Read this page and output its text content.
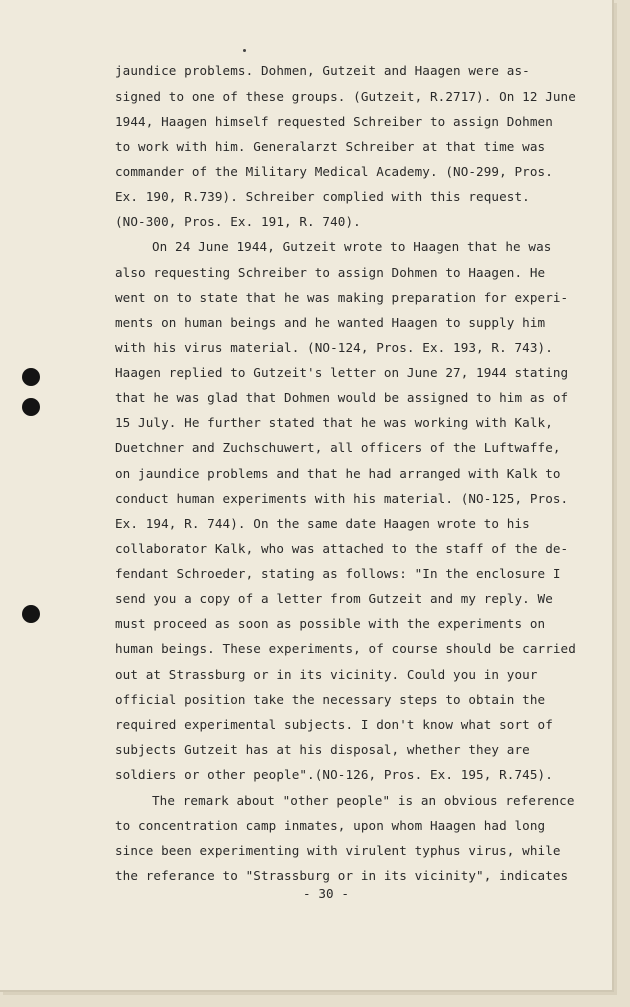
jaundice problems. Dohmen, Gutzeit and Haagen were as-
signed to one of these groups. (Gutzeit, R.2717). On 12 June
1944, Haagen himself requested Schreiber to assign Dohmen
to work with him. Generalarzt Schreiber at that time was
commander of the Military Medical Academy. (NO-299, Pros.
Ex. 190, R.739). Schreiber complied with this request.
(NO-300, Pros. Ex. 191, R. 740).
On 24 June 1944, Gutzeit wrote to Haagen that he was
also requesting Schreiber to assign Dohmen to Haagen. He
went on to state that he was making preparation for experi-
ments on human beings and he wanted Haagen to supply him
with his virus material. (NO-124, Pros. Ex. 193, R. 743).
Haagen replied to Gutzeit's letter on June 27, 1944 stating
that he was glad that Dohmen would be assigned to him as of
15 July. He further stated that he was working with Kalk,
Duetchner and Zuchschuwert, all officers of the Luftwaffe,
on jaundice problems and that he had arranged with Kalk to
conduct human experiments with his material. (NO-125, Pros.
Ex. 194, R. 744). On the same date Haagen wrote to his
collaborator Kalk, who was attached to the staff of the de-
fendant Schroeder, stating as follows: "In the enclosure I
send you a copy of a letter from Gutzeit and my reply. We
must proceed as soon as possible with the experiments on
human beings. These experiments, of course should be carried
out at Strassburg or in its vicinity. Could you in your
official position take the necessary steps to obtain the
required experimental subjects. I don't know what sort of
subjects Gutzeit has at his disposal, whether they are
soldiers or other people".(NO-126, Pros. Ex. 195, R.745).
The remark about "other people" is an obvious reference
to concentration camp inmates, upon whom Haagen had long
since been experimenting with virulent typhus virus, while
the referance to "Strassburg or in its vicinity", indicates
- 30 -
